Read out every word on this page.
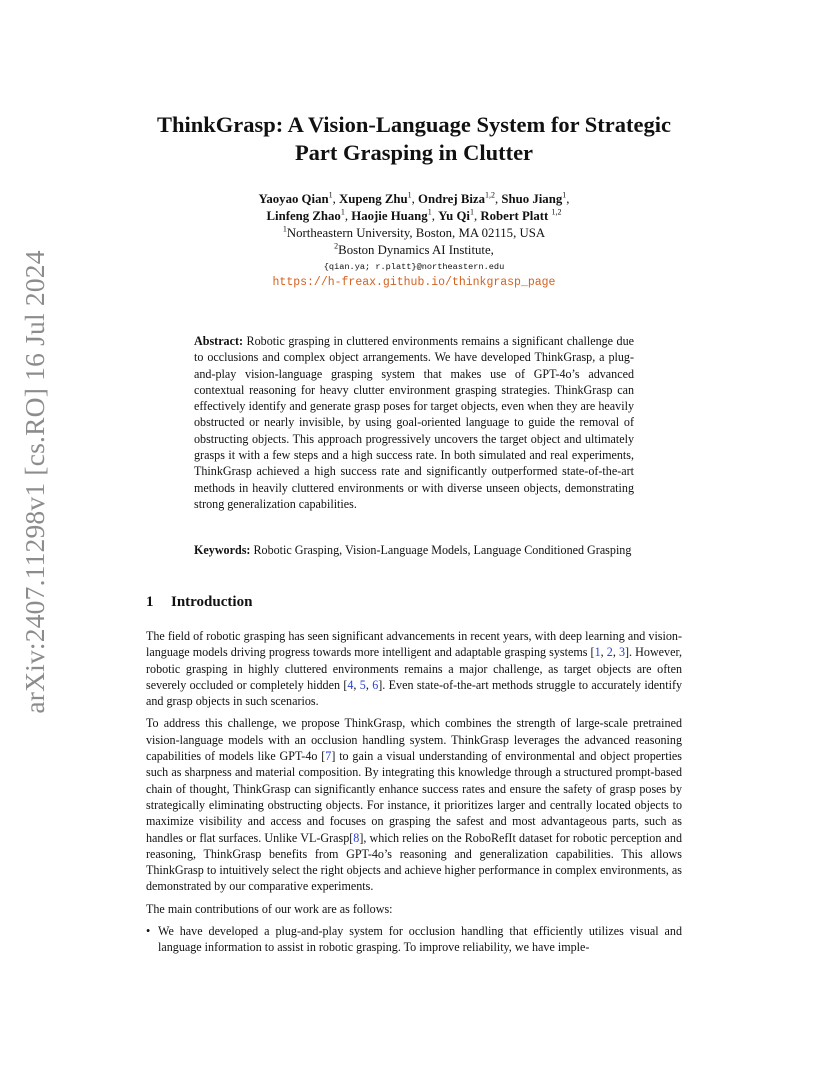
arXiv:2407.11298v1 [cs.RO] 16 Jul 2024
ThinkGrasp: A Vision-Language System for Strategic
Part Grasping in Clutter
Yaoyao Qian$^1$, Xupeng Zhu$^1$, Ondrej Biza$^{1,2}$, Shuo Jiang$^1$,
Linfeng Zhao$^1$, Haojie Huang$^1$, Yu Qi$^1$, Robert Platt $^{1,2}$
$^1$Northeastern University, Boston, MA 02115, USA
$^2$Boston Dynamics AI Institute,
{qian.ya; r.platt}@northeastern.edu
https://h-freax.github.io/thinkgrasp_page

Abstract: Robotic grasping in cluttered environments remains a significant challenge due to occlusions and complex object arrangements. We have developed ThinkGrasp, a plug-and-play vision-language grasping system that makes use of GPT-4o’s advanced contextual reasoning for heavy clutter environment grasping strategies. ThinkGrasp can effectively identify and generate grasp poses for target objects, even when they are heavily obstructed or nearly invisible, by using goal-oriented language to guide the removal of obstructing objects. This approach progressively uncovers the target object and ultimately grasps it with a few steps and a high success rate. In both simulated and real experiments, ThinkGrasp achieved a high success rate and significantly outperformed state-of-the-art methods in heavily cluttered environments or with diverse unseen objects, demonstrating strong generalization capabilities.

Keywords: Robotic Grasping, Vision-Language Models, Language Conditioned Grasping

1 Introduction

The field of robotic grasping has seen significant advancements in recent years, with deep learning and vision-language models driving progress towards more intelligent and adaptable grasping systems [1, 2, 3]. However, robotic grasping in highly cluttered environments remains a major challenge, as target objects are often severely occluded or completely hidden [4, 5, 6]. Even state-of-the-art methods struggle to accurately identify and grasp objects in such scenarios.

To address this challenge, we propose ThinkGrasp, which combines the strength of large-scale pretrained vision-language models with an occlusion handling system. ThinkGrasp leverages the advanced reasoning capabilities of models like GPT-4o [7] to gain a visual understanding of environmental and object properties such as sharpness and material composition. By integrating this knowledge through a structured prompt-based chain of thought, ThinkGrasp can significantly enhance success rates and ensure the safety of grasp poses by strategically eliminating obstructing objects. For instance, it prioritizes larger and centrally located objects to maximize visibility and access and focuses on grasping the safest and most advantageous parts, such as handles or flat surfaces. Unlike VL-Grasp[8], which relies on the RoboRefIt dataset for robotic perception and reasoning, ThinkGrasp benefits from GPT-4o’s reasoning and generalization capabilities. This allows ThinkGrasp to intuitively select the right objects and achieve higher performance in complex environments, as demonstrated by our comparative experiments.

The main contributions of our work are as follows:

• We have developed a plug-and-play system for occlusion handling that efficiently utilizes visual and language information to assist in robotic grasping. To improve reliability, we have imple-
